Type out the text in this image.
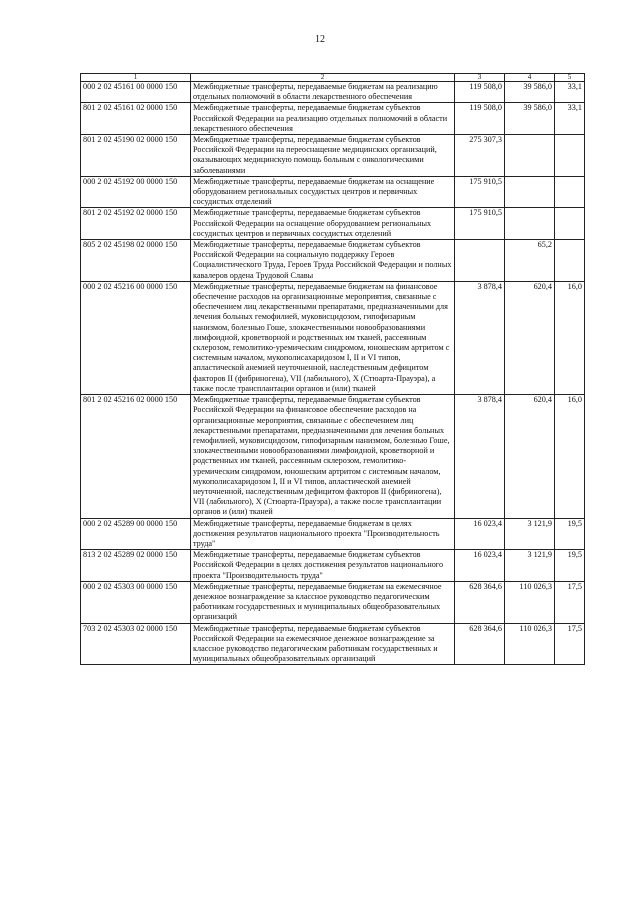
12
1	2	3	4	5
000 2 02 45161 00 0000 150	Межбюджетные трансферты, передаваемые бюджетам на реализацию отдельных полномочий в области лекарственного обеспечения	119 508,0	39 586,0	33,1
801 2 02 45161 02 0000 150	Межбюджетные трансферты, передаваемые бюджетам субъектов Российской Федерации на реализацию отдельных полномочий в области лекарственного обеспечения	119 508,0	39 586,0	33,1
801 2 02 45190 02 0000 150	Межбюджетные трансферты, передаваемые бюджетам субъектов Российской Федерации на переоснащение медицинских организаций, оказывающих медицинскую помощь больным с онкологическими заболеваниями	275 307,3		
000 2 02 45192 00 0000 150	Межбюджетные трансферты, передаваемые бюджетам на оснащение оборудованием региональных сосудистых центров и первичных сосудистых отделений	175 910,5		
801 2 02 45192 02 0000 150	Межбюджетные трансферты, передаваемые бюджетам субъектов Российской Федерации на оснащение оборудованием региональных сосудистых центров и первичных сосудистых отделений	175 910,5		
805 2 02 45198 02 0000 150	Межбюджетные трансферты, передаваемые бюджетам субъектов Российской Федерации на социальную поддержку Героев Социалистического Труда, Героев Труда Российской Федерации и полных кавалеров ордена Трудовой Славы		65,2	
000 2 02 45216 00 0000 150	Межбюджетные трансферты, передаваемые бюджетам на финансовое обеспечение расходов на организационные мероприятия, связанные с обеспечением лиц лекарственными препаратами, предназначенными для лечения больных гемофилией, муковисцидозом, гипофизарным нанизмом, болезнью Гоше, злокачественными новообразованиями лимфоидной, кроветворной и родственных им тканей, рассеянным склерозом, гемолитико-уремическим синдромом, юношеским артритом с системным началом, мукополисахаридозом I, II и VI типов, апластической анемией неуточненной, наследственным дефицитом факторов II (фибриногена), VII (лабильного), X (Стюарта-Прауэра), а также после трансплантации органов и (или) тканей	3 878,4	620,4	16,0
801 2 02 45216 02 0000 150	Межбюджетные трансферты, передаваемые бюджетам субъектов Российской Федерации на финансовое обеспечение расходов на организационные мероприятия, связанные с обеспечением лиц лекарственными препаратами, предназначенными для лечения больных гемофилией, муковисцидозом, гипофизарным нанизмом, болезнью Гоше, злокачественными новообразованиями лимфоидной, кроветворной и родственных им тканей, рассеянным склерозом, гемолитико-уремическим синдромом, юношеским артритом с системным началом, мукополисахаридозом I, II и VI типов, апластической анемией неуточненной, наследственным дефицитом факторов II (фибриногена), VII (лабильного), X (Стюарта-Прауэра), а также после трансплантации органов и (или) тканей	3 878,4	620,4	16,0
000 2 02 45289 00 0000 150	Межбюджетные трансферты, передаваемые бюджетам в целях достижения результатов национального проекта "Производительность труда"	16 023,4	3 121,9	19,5
813 2 02 45289 02 0000 150	Межбюджетные трансферты, передаваемые бюджетам субъектов Российской Федерации в целях достижения результатов национального проекта "Производительность труда"	16 023,4	3 121,9	19,5
000 2 02 45303 00 0000 150	Межбюджетные трансферты, передаваемые бюджетам на ежемесячное денежное вознаграждение за классное руководство педагогическим работникам государственных и муниципальных общеобразовательных организаций	628 364,6	110 026,3	17,5
703 2 02 45303 02 0000 150	Межбюджетные трансферты, передаваемые бюджетам субъектов Российской Федерации на ежемесячное денежное вознаграждение за классное руководство педагогическим работникам государственных и муниципальных общеобразовательных организаций	628 364,6	110 026,3	17,5
